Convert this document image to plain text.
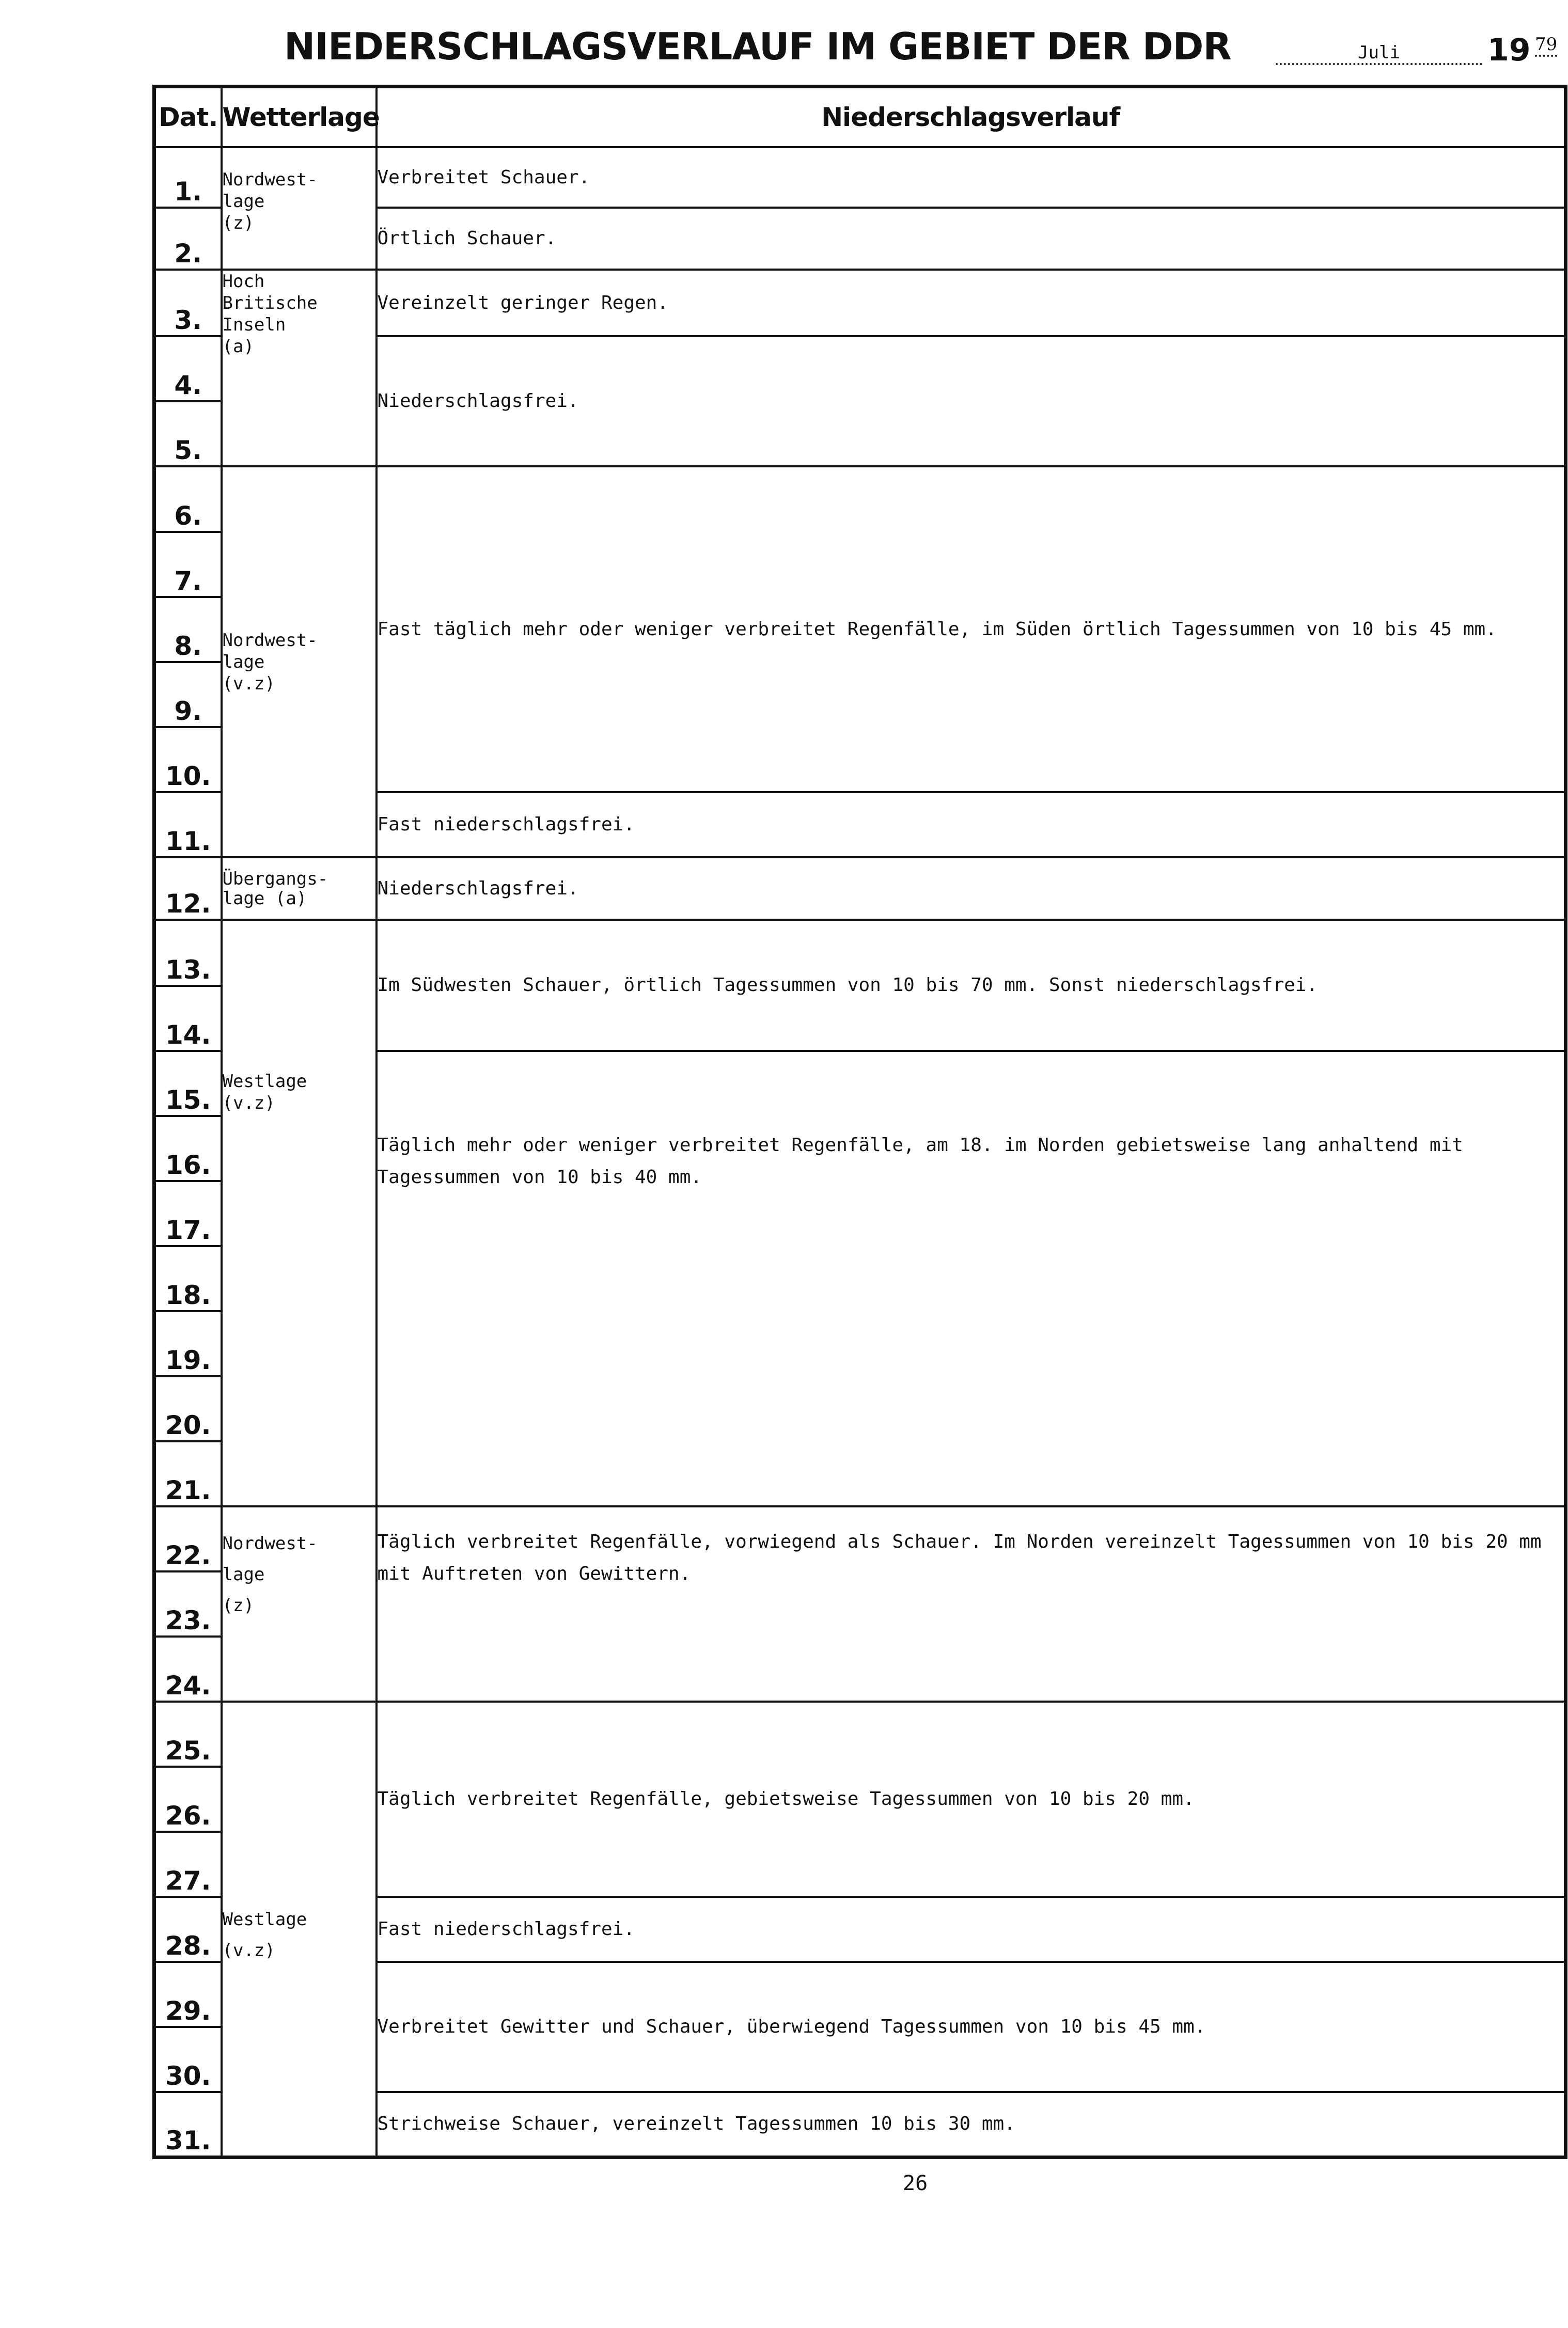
NIEDERSCHLAGSVERLAUF IM GEBIET DER DDR	Juli	19 79
Dat.	Wetterlage	Niederschlagsverlauf
1.	Nordwest-
lage
(z)	Verbreitet Schauer.
2.		Örtlich Schauer.
3.	Hoch
Britische
Inseln
(a)	Vereinzelt geringer Regen.
4.		Niederschlagsfrei.
5.		
6.	Nordwest-
lage
(v.z)	Fast täglich mehr oder weniger verbreitet Regenfälle, im Süden örtlich Tagessummen von 10 bis 45 mm.
7.		
8.		
9.		
10.		
11.		Fast niederschlagsfrei.
12.	Übergangs-
lage (a)	Niederschlagsfrei.
13.	Westlage
(v.z)	Im Südwesten Schauer, örtlich Tagessummen von 10 bis 70 mm. Sonst niederschlagsfrei.
14.		
15.		Täglich mehr oder weniger verbreitet Regenfälle, am 18. im Norden gebietsweise lang anhaltend mit Tagessummen von 10 bis 40 mm.
16.		
17.		
18.		
19.		
20.		
21.		
22.	Nordwest-
lage
(z)	Täglich verbreitet Regenfälle, vorwiegend als Schauer. Im Norden vereinzelt Tagessummen von 10 bis 20 mm mit Auftreten von Gewittern.
23.		
24.		
25.	Westlage
(v.z)	Täglich verbreitet Regenfälle, gebietsweise Tagessummen von 10 bis 20 mm.
26.		
27.		
28.		Fast niederschlagsfrei.
29.		Verbreitet Gewitter und Schauer, überwiegend Tagessummen von 10 bis 45 mm.
30.		
31.		Strichweise Schauer, vereinzelt Tagessummen 10 bis 30 mm.
26
